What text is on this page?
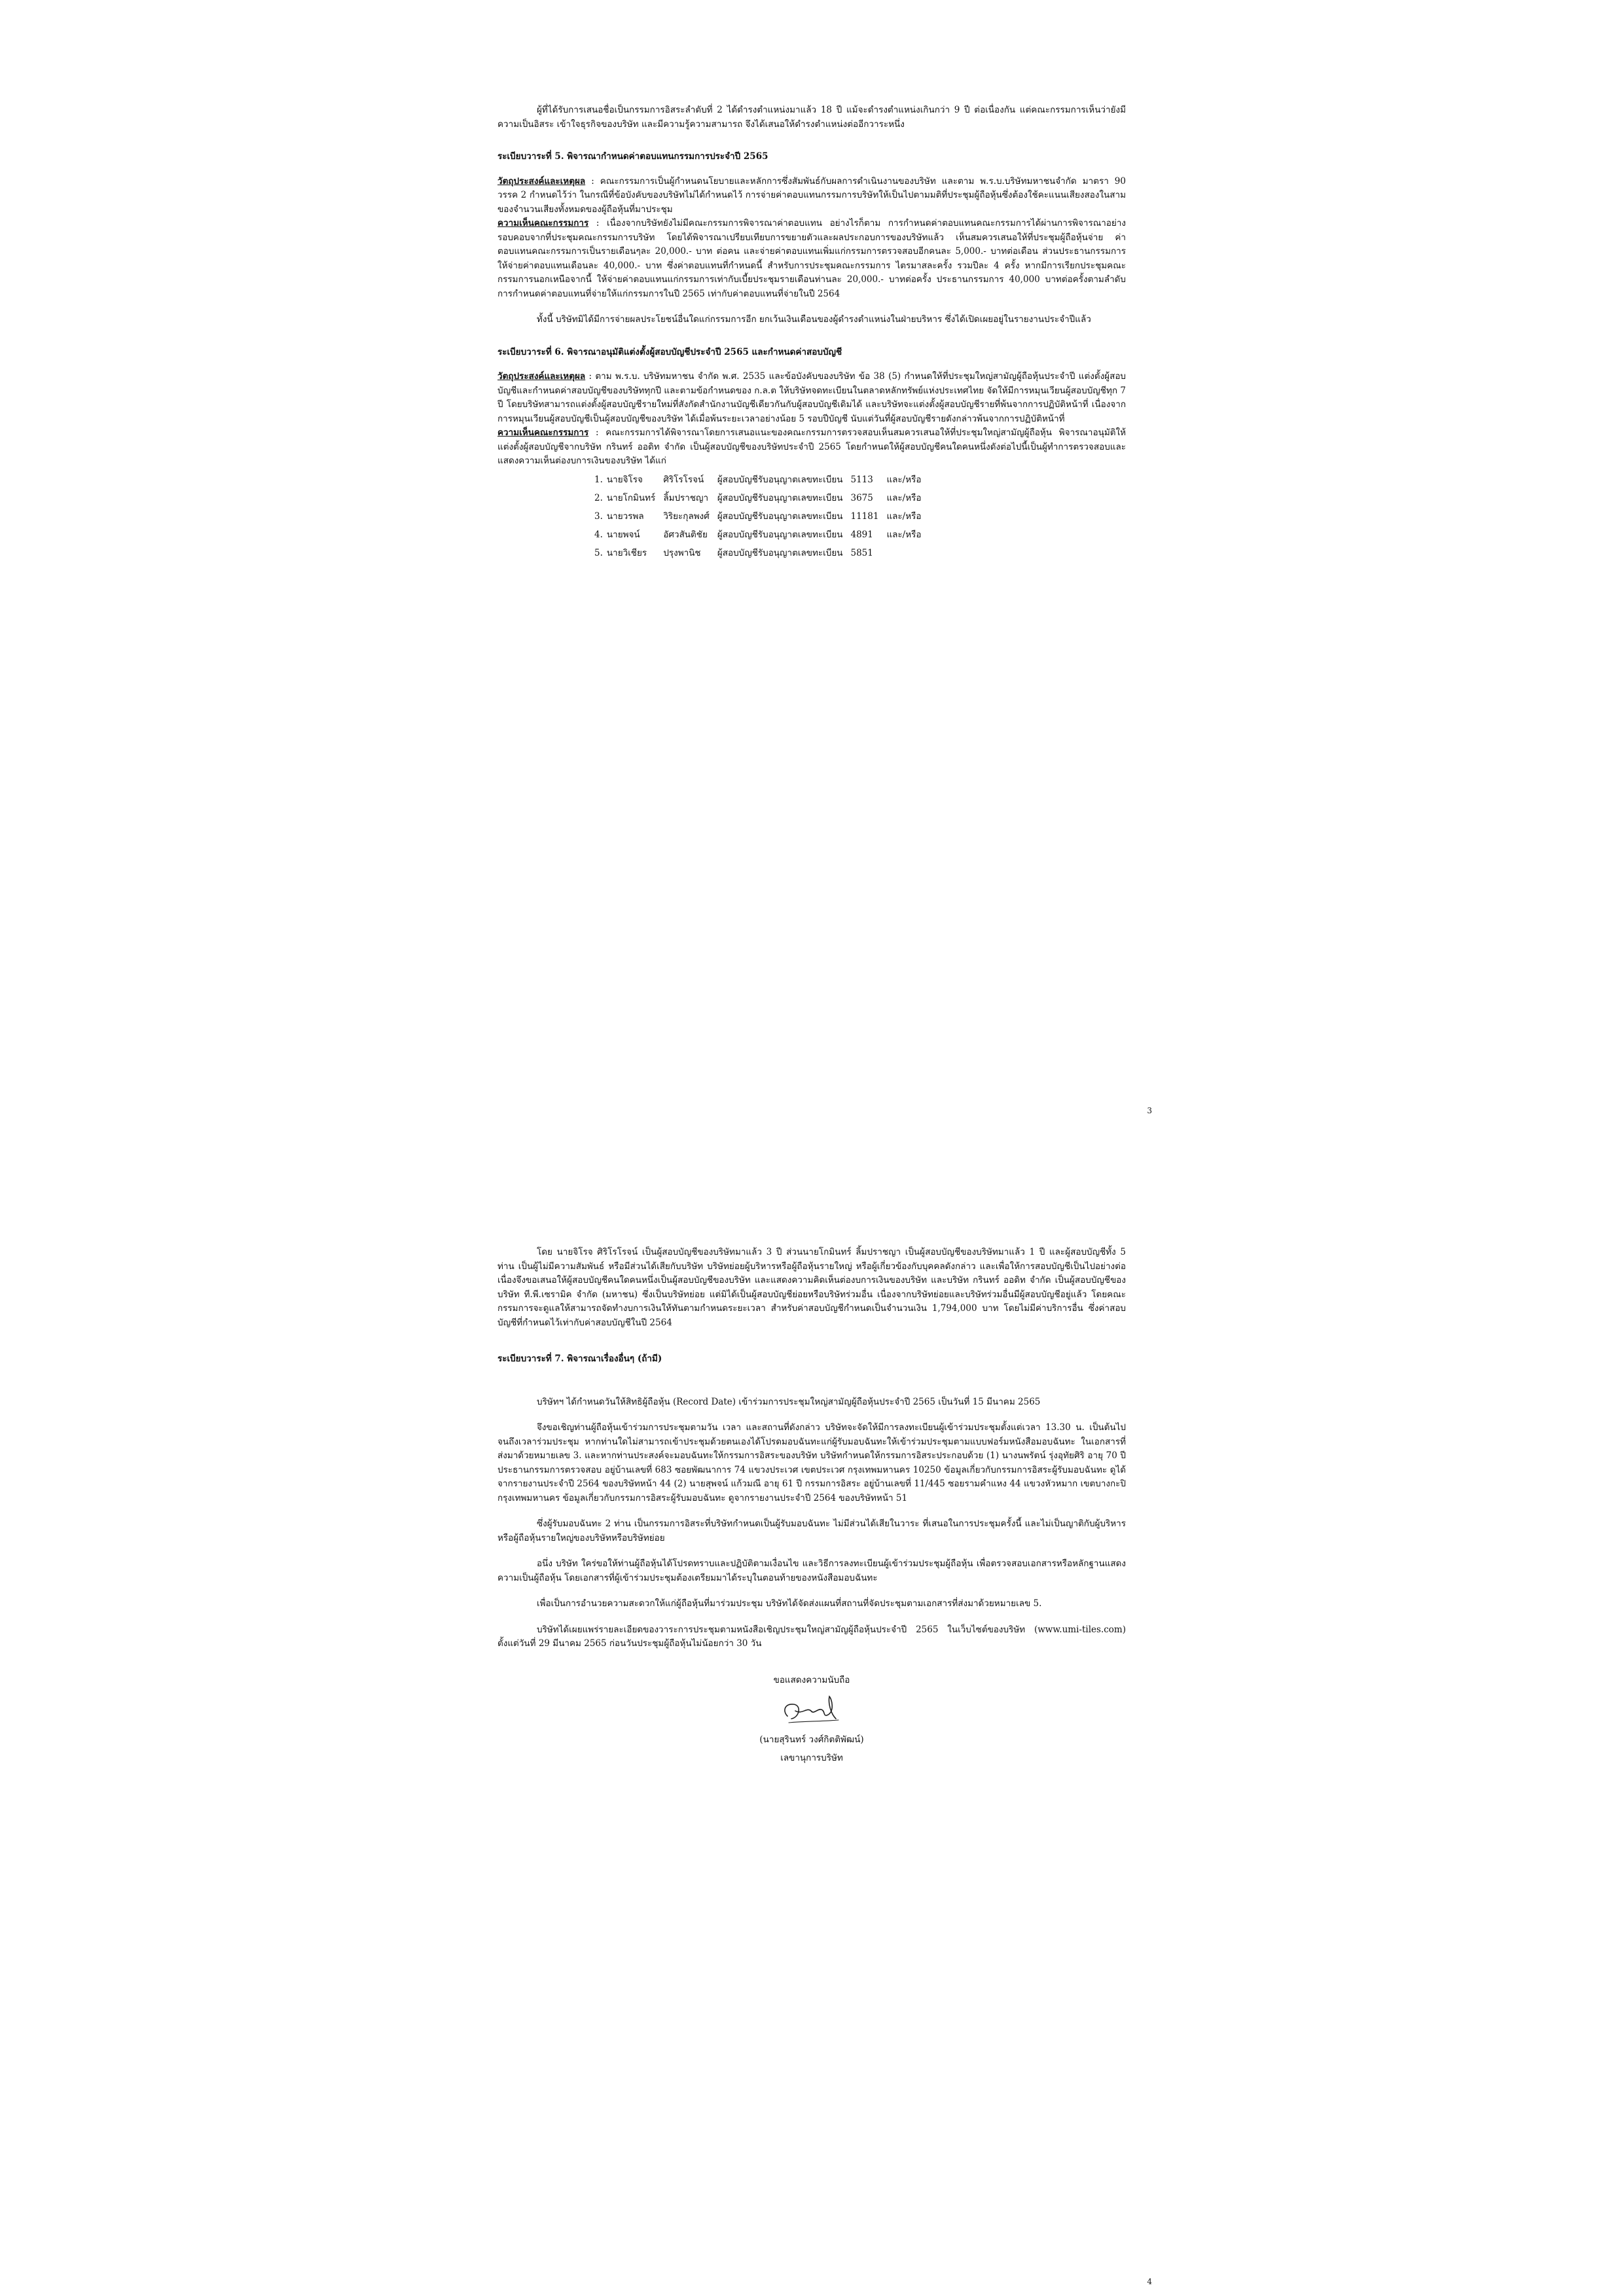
ผู้ที่ได้รับการเสนอชื่อเป็นกรรมการอิสระลำดับที่ 2 ได้ดำรงตำแหน่งมาแล้ว 18 ปี แม้จะดำรงตำแหน่งเกินกว่า 9 ปี ต่อเนื่องกัน แต่คณะกรรมการเห็นว่ายังมีความเป็นอิสระ เข้าใจธุรกิจของบริษัท และมีความรู้ความสามารถ จึงได้เสนอให้ดำรงตำแหน่งต่ออีกวาระหนึ่ง

ระเบียบวาระที่ 5. พิจารณากำหนดค่าตอบแทนกรรมการประจำปี 2565

วัตถุประสงค์และเหตุผล : คณะกรรมการเป็นผู้กำหนดนโยบายและหลักการซึ่งสัมพันธ์กับผลการดำเนินงานของบริษัท และตาม พ.ร.บ.บริษัทมหาชนจำกัด มาตรา 90 วรรค 2 กำหนดไว้ว่า ในกรณีที่ข้อบังคับของบริษัทไม่ได้กำหนดไว้ การจ่ายค่าตอบแทนกรรมการบริษัทให้เป็นไปตามมติที่ประชุมผู้ถือหุ้นซึ่งต้องใช้คะแนนเสียงสองในสามของจำนวนเสียงทั้งหมดของผู้ถือหุ้นที่มาประชุม

ความเห็นคณะกรรมการ : เนื่องจากบริษัทยังไม่มีคณะกรรมการพิจารณาค่าตอบแทน อย่างไรก็ตาม การกำหนดค่าตอบแทนคณะกรรมการได้ผ่านการพิจารณาอย่างรอบคอบจากที่ประชุมคณะกรรมการบริษัท โดยได้พิจารณาเปรียบเทียบการขยายตัวและผลประกอบการของบริษัทแล้ว เห็นสมควรเสนอให้ที่ประชุมผู้ถือหุ้นจ่าย ค่าตอบแทนคณะกรรมการเป็นรายเดือนๆละ 20,000.- บาท ต่อคน และจ่ายค่าตอบแทนเพิ่มแก่กรรมการตรวจสอบอีกคนละ 5,000.- บาทต่อเดือน ส่วนประธานกรรมการให้จ่ายค่าตอบแทนเดือนละ 40,000.- บาท ซึ่งค่าตอบแทนที่กำหนดนี้ สำหรับการประชุมคณะกรรมการ ไตรมาสละครั้ง รวมปีละ 4 ครั้ง หากมีการเรียกประชุมคณะกรรมการนอกเหนือจากนี้ ให้จ่ายค่าตอบแทนแก่กรรมการเท่ากับเบี้ยประชุมรายเดือนท่านละ 20,000.- บาทต่อครั้ง ประธานกรรมการ 40,000 บาทต่อครั้งตามลำดับ การกำหนดค่าตอบแทนที่จ่ายให้แก่กรรมการในปี 2565 เท่ากับค่าตอบแทนที่จ่ายในปี 2564

ทั้งนี้ บริษัทมิได้มีการจ่ายผลประโยชน์อื่นใดแก่กรรมการอีก ยกเว้นเงินเดือนของผู้ดำรงตำแหน่งในฝ่ายบริหาร ซึ่งได้เปิดเผยอยู่ในรายงานประจำปีแล้ว

ระเบียบวาระที่ 6. พิจารณาอนุมัติแต่งตั้งผู้สอบบัญชีประจำปี 2565 และกำหนดค่าสอบบัญชี

วัตถุประสงค์และเหตุผล : ตาม พ.ร.บ. บริษัทมหาชน จำกัด พ.ศ. 2535 และข้อบังคับของบริษัท ข้อ 38 (5) กำหนดให้ที่ประชุมใหญ่สามัญผู้ถือหุ้นประจำปี แต่งตั้งผู้สอบบัญชีและกำหนดค่าสอบบัญชีของบริษัททุกปี และตามข้อกำหนดของ ก.ล.ต ให้บริษัทจดทะเบียนในตลาดหลักทรัพย์แห่งประเทศไทย จัดให้มีการหมุนเวียนผู้สอบบัญชีทุก 7 ปี โดยบริษัทสามารถแต่งตั้งผู้สอบบัญชีรายใหม่ที่สังกัดสำนักงานบัญชีเดียวกันกับผู้สอบบัญชีเดิมได้ และบริษัทจะแต่งตั้งผู้สอบบัญชีรายที่พ้นจากการปฏิบัติหน้าที่ เนื่องจากการหมุนเวียนผู้สอบบัญชีเป็นผู้สอบบัญชีของบริษัท ได้เมื่อพ้นระยะเวลาอย่างน้อย 5 รอบปีบัญชี นับแต่วันที่ผู้สอบบัญชีรายดังกล่าวพ้นจากการปฏิบัติหน้าที่

ความเห็นคณะกรรมการ : คณะกรรมการได้พิจารณาโดยการเสนอแนะของคณะกรรมการตรวจสอบเห็นสมควรเสนอให้ที่ประชุมใหญ่สามัญผู้ถือหุ้น พิจารณาอนุมัติให้แต่งตั้งผู้สอบบัญชีจากบริษัท กรินทร์ ออดิท จำกัด เป็นผู้สอบบัญชีของบริษัทประจำปี 2565 โดยกำหนดให้ผู้สอบบัญชีคนใดคนหนึ่งดังต่อไปนี้เป็นผู้ทำการตรวจสอบและแสดงความเห็นต่องบการเงินของบริษัท ได้แก่

1.	นายจิโรจ	ศิริโรโรจน์	ผู้สอบบัญชีรับอนุญาตเลขทะเบียน	5113	และ/หรือ
2.	นายโกมินทร์	ลิ้มปราชญา	ผู้สอบบัญชีรับอนุญาตเลขทะเบียน	3675	และ/หรือ
3.	นายวรพล	วิริยะกุลพงศ์	ผู้สอบบัญชีรับอนุญาตเลขทะเบียน	11181	และ/หรือ
4.	นายพจน์	อัศวสันติชัย	ผู้สอบบัญชีรับอนุญาตเลขทะเบียน	4891	และ/หรือ
5.	นายวิเชียร	ปรุงพานิช	ผู้สอบบัญชีรับอนุญาตเลขทะเบียน	5851	
3

โดย นายจิโรจ ศิริโรโรจน์ เป็นผู้สอบบัญชีของบริษัทมาแล้ว 3 ปี ส่วนนายโกมินทร์ ลิ้มปราชญา เป็นผู้สอบบัญชีของบริษัทมาแล้ว 1 ปี และผู้สอบบัญชีทั้ง 5 ท่าน เป็นผู้ไม่มีความสัมพันธ์ หรือมีส่วนได้เสียกับบริษัท บริษัทย่อยผู้บริหารหรือผู้ถือหุ้นรายใหญ่ หรือผู้เกี่ยวข้องกับบุคคลดังกล่าว และเพื่อให้การสอบบัญชีเป็นไปอย่างต่อเนื่องจึงขอเสนอให้ผู้สอบบัญชีคนใดคนหนึ่งเป็นผู้สอบบัญชีของบริษัท และแสดงความคิดเห็นต่องบการเงินของบริษัท และบริษัท กรินทร์ ออดิท จำกัด เป็นผู้สอบบัญชีของบริษัท ที.พี.เซรามิค จำกัด (มหาชน) ซึ่งเป็นบริษัทย่อย แต่มิได้เป็นผู้สอบบัญชีย่อยหรือบริษัทร่วมอื่น เนื่องจากบริษัทย่อยและบริษัทร่วมอื่นมีผู้สอบบัญชีอยู่แล้ว โดยคณะกรรมการจะดูแลให้สามารถจัดทำงบการเงินให้ทันตามกำหนดระยะเวลา สำหรับค่าสอบบัญชีกำหนดเป็นจำนวนเงิน 1,794,000 บาท โดยไม่มีค่าบริการอื่น ซึ่งค่าสอบบัญชีที่กำหนดไว้เท่ากับค่าสอบบัญชีในปี 2564

ระเบียบวาระที่ 7. พิจารณาเรื่องอื่นๆ (ถ้ามี)

บริษัทฯ ได้กำหนดวันให้สิทธิผู้ถือหุ้น (Record Date) เข้าร่วมการประชุมใหญ่สามัญผู้ถือหุ้นประจำปี 2565 เป็นวันที่ 15 มีนาคม 2565

จึงขอเชิญท่านผู้ถือหุ้นเข้าร่วมการประชุมตามวัน เวลา และสถานที่ดังกล่าว บริษัทจะจัดให้มีการลงทะเบียนผู้เข้าร่วมประชุมตั้งแต่เวลา 13.30 น. เป็นต้นไปจนถึงเวลาร่วมประชุม หากท่านใดไม่สามารถเข้าประชุมด้วยตนเองได้โปรดมอบฉันทะแก่ผู้รับมอบฉันทะให้เข้าร่วมประชุมตามแบบฟอร์มหนังสือมอบฉันทะ ในเอกสารที่ส่งมาด้วยหมายเลข 3. และหากท่านประสงค์จะมอบฉันทะให้กรรมการอิสระของบริษัท บริษัทกำหนดให้กรรมการอิสระประกอบด้วย (1) นางนพรัตน์ รุ่งอุทัยศิริ อายุ 70 ปี ประธานกรรมการตรวจสอบ อยู่บ้านเลขที่ 683 ซอยพัฒนาการ 74 แขวงประเวศ เขตประเวศ กรุงเทพมหานคร 10250 ข้อมูลเกี่ยวกับกรรมการอิสระผู้รับมอบฉันทะ ดูได้จากรายงานประจำปี 2564 ของบริษัทหน้า 44 (2) นายสุพจน์ แก้วมณี อายุ 61 ปี กรรมการอิสระ อยู่บ้านเลขที่ 11/445 ซอยรามคำแหง 44 แขวงหัวหมาก เขตบางกะปิ กรุงเทพมหานคร ข้อมูลเกี่ยวกับกรรมการอิสระผู้รับมอบฉันทะ ดูจากรายงานประจำปี 2564 ของบริษัทหน้า 51

ซึ่งผู้รับมอบฉันทะ 2 ท่าน เป็นกรรมการอิสระที่บริษัทกำหนดเป็นผู้รับมอบฉันทะ ไม่มีส่วนได้เสียในวาระ ที่เสนอในการประชุมครั้งนี้ และไม่เป็นญาติกับผู้บริหารหรือผู้ถือหุ้นรายใหญ่ของบริษัทหรือบริษัทย่อย

อนึ่ง บริษัท ใคร่ขอให้ท่านผู้ถือหุ้นได้โปรดทราบและปฏิบัติตามเงื่อนไข และวิธีการลงทะเบียนผู้เข้าร่วมประชุมผู้ถือหุ้น เพื่อตรวจสอบเอกสารหรือหลักฐานแสดงความเป็นผู้ถือหุ้น โดยเอกสารที่ผู้เข้าร่วมประชุมต้องเตรียมมาได้ระบุในตอนท้ายของหนังสือมอบฉันทะ

เพื่อเป็นการอำนวยความสะดวกให้แก่ผู้ถือหุ้นที่มาร่วมประชุม บริษัทได้จัดส่งแผนที่สถานที่จัดประชุมตามเอกสารที่ส่งมาด้วยหมายเลข 5.

บริษัทได้เผยแพร่รายละเอียดของวาระการประชุมตามหนังสือเชิญประชุมใหญ่สามัญผู้ถือหุ้นประจำปี 2565 ในเว็บไซต์ของบริษัท (www.umi-tiles.com) ตั้งแต่วันที่ 29 มีนาคม 2565 ก่อนวันประชุมผู้ถือหุ้นไม่น้อยกว่า 30 วัน

ขอแสดงความนับถือ
(นายสุรินทร์ วงศ์กิตติพัฒน์)
เลขานุการบริษัท
4
